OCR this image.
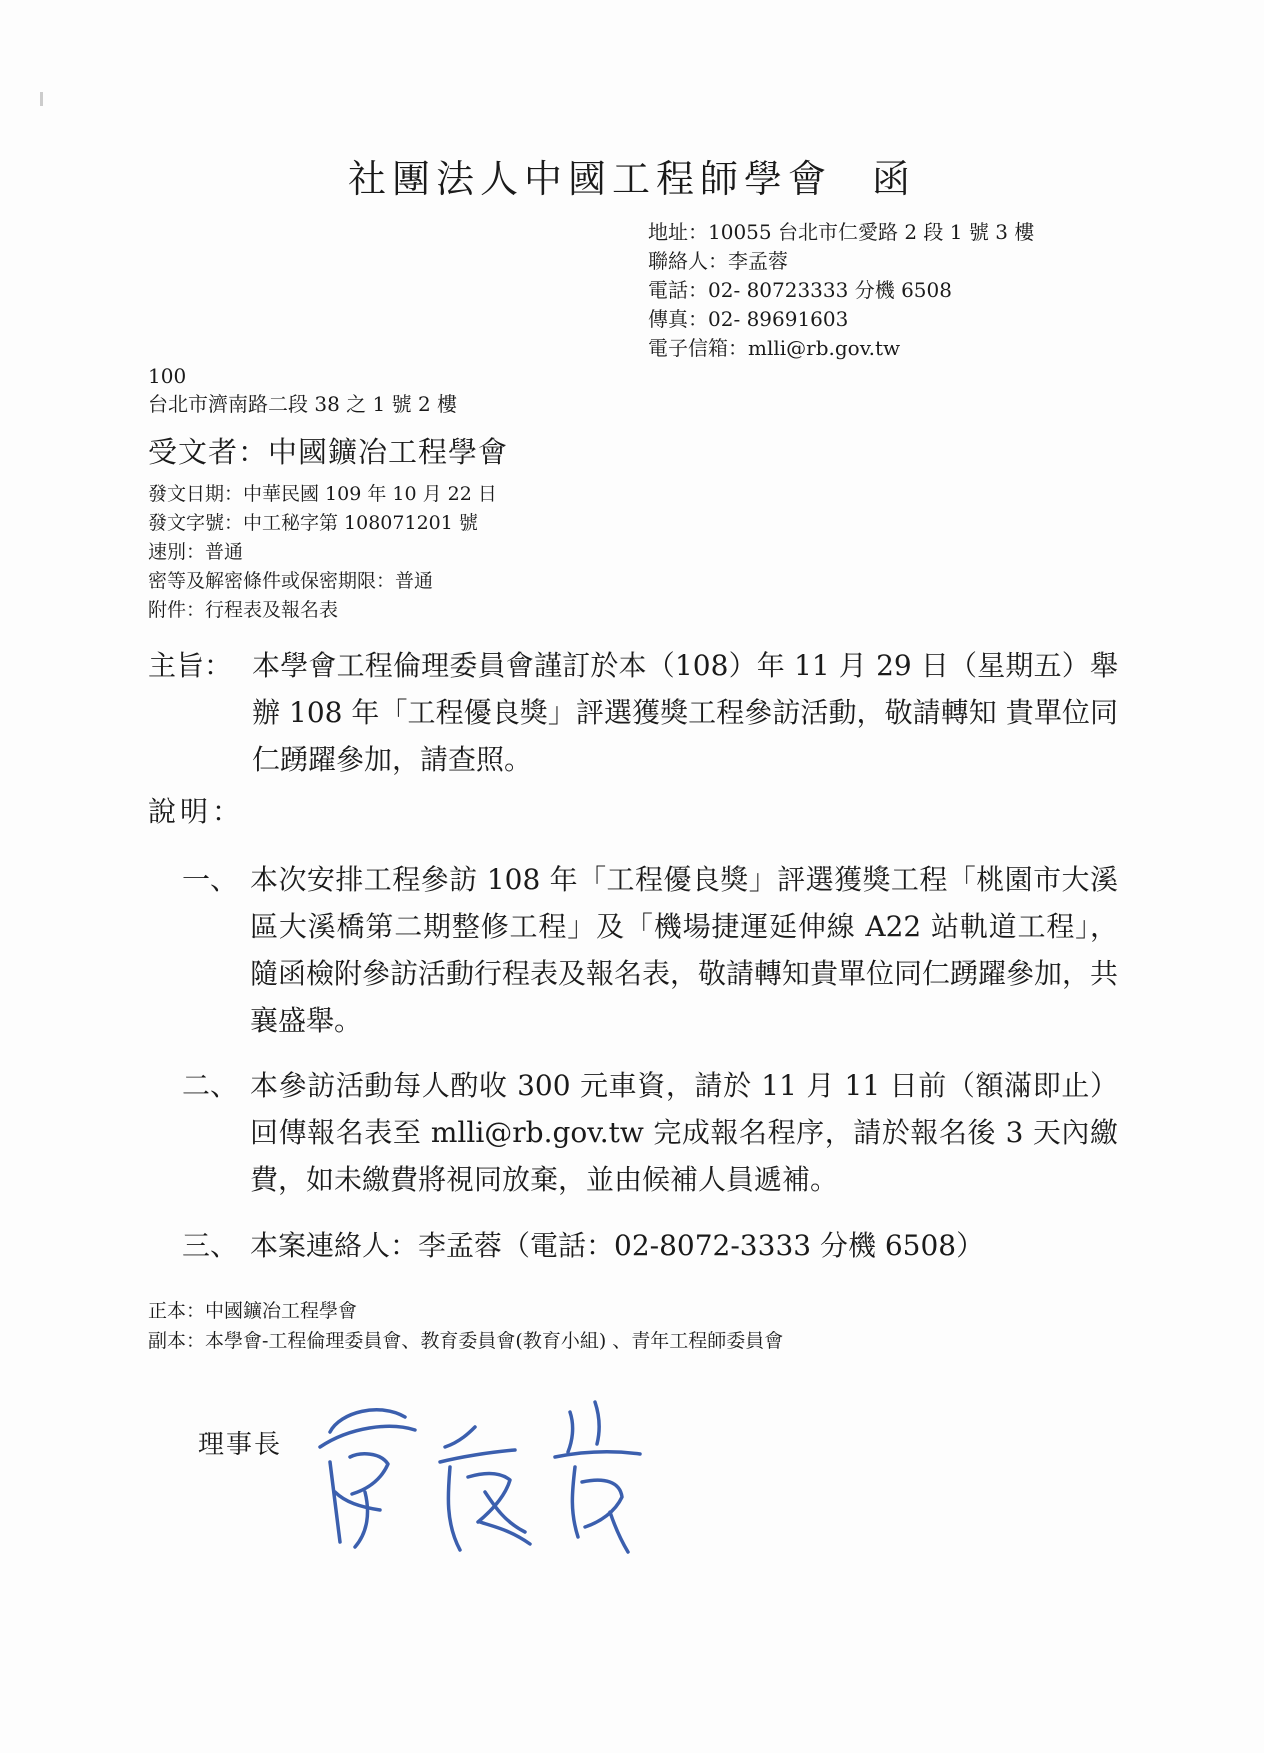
社團法人中國工程師學會 函
地址：10055 台北市仁愛路 2 段 1 號 3 樓
聯絡人：李孟蓉
電話：02- 80723333 分機 6508
傳真：02- 89691603
電子信箱：mlli@rb.gov.tw
100
台北市濟南路二段 38 之 1 號 2 樓
受文者：中國鑛冶工程學會
發文日期：中華民國 109 年 10 月 22 日
發文字號：中工秘字第 108071201 號
速別：普通
密等及解密條件或保密期限：普通
附件：行程表及報名表
主旨： 本學會工程倫理委員會謹訂於本（108）年 11 月 29 日（星期五）舉辦 108 年「工程優良獎」評選獲獎工程參訪活動，敬請轉知 貴單位同仁踴躍參加，請查照。
說明：
一、 本次安排工程參訪 108 年「工程優良獎」評選獲獎工程「桃園市大溪區大溪橋第二期整修工程」及「機場捷運延伸線 A22 站軌道工程」，隨函檢附參訪活動行程表及報名表，敬請轉知貴單位同仁踴躍參加，共襄盛舉。
二、 本參訪活動每人酌收 300 元車資，請於 11 月 11 日前（額滿即止）回傳報名表至 mlli@rb.gov.tw 完成報名程序，請於報名後 3 天內繳費，如未繳費將視同放棄，並由候補人員遞補。
三、 本案連絡人：李孟蓉（電話：02-8072-3333 分機 6508）
正本：中國鑛冶工程學會
副本：本學會-工程倫理委員會、教育委員會(教育小組) 、青年工程師委員會
理事長
